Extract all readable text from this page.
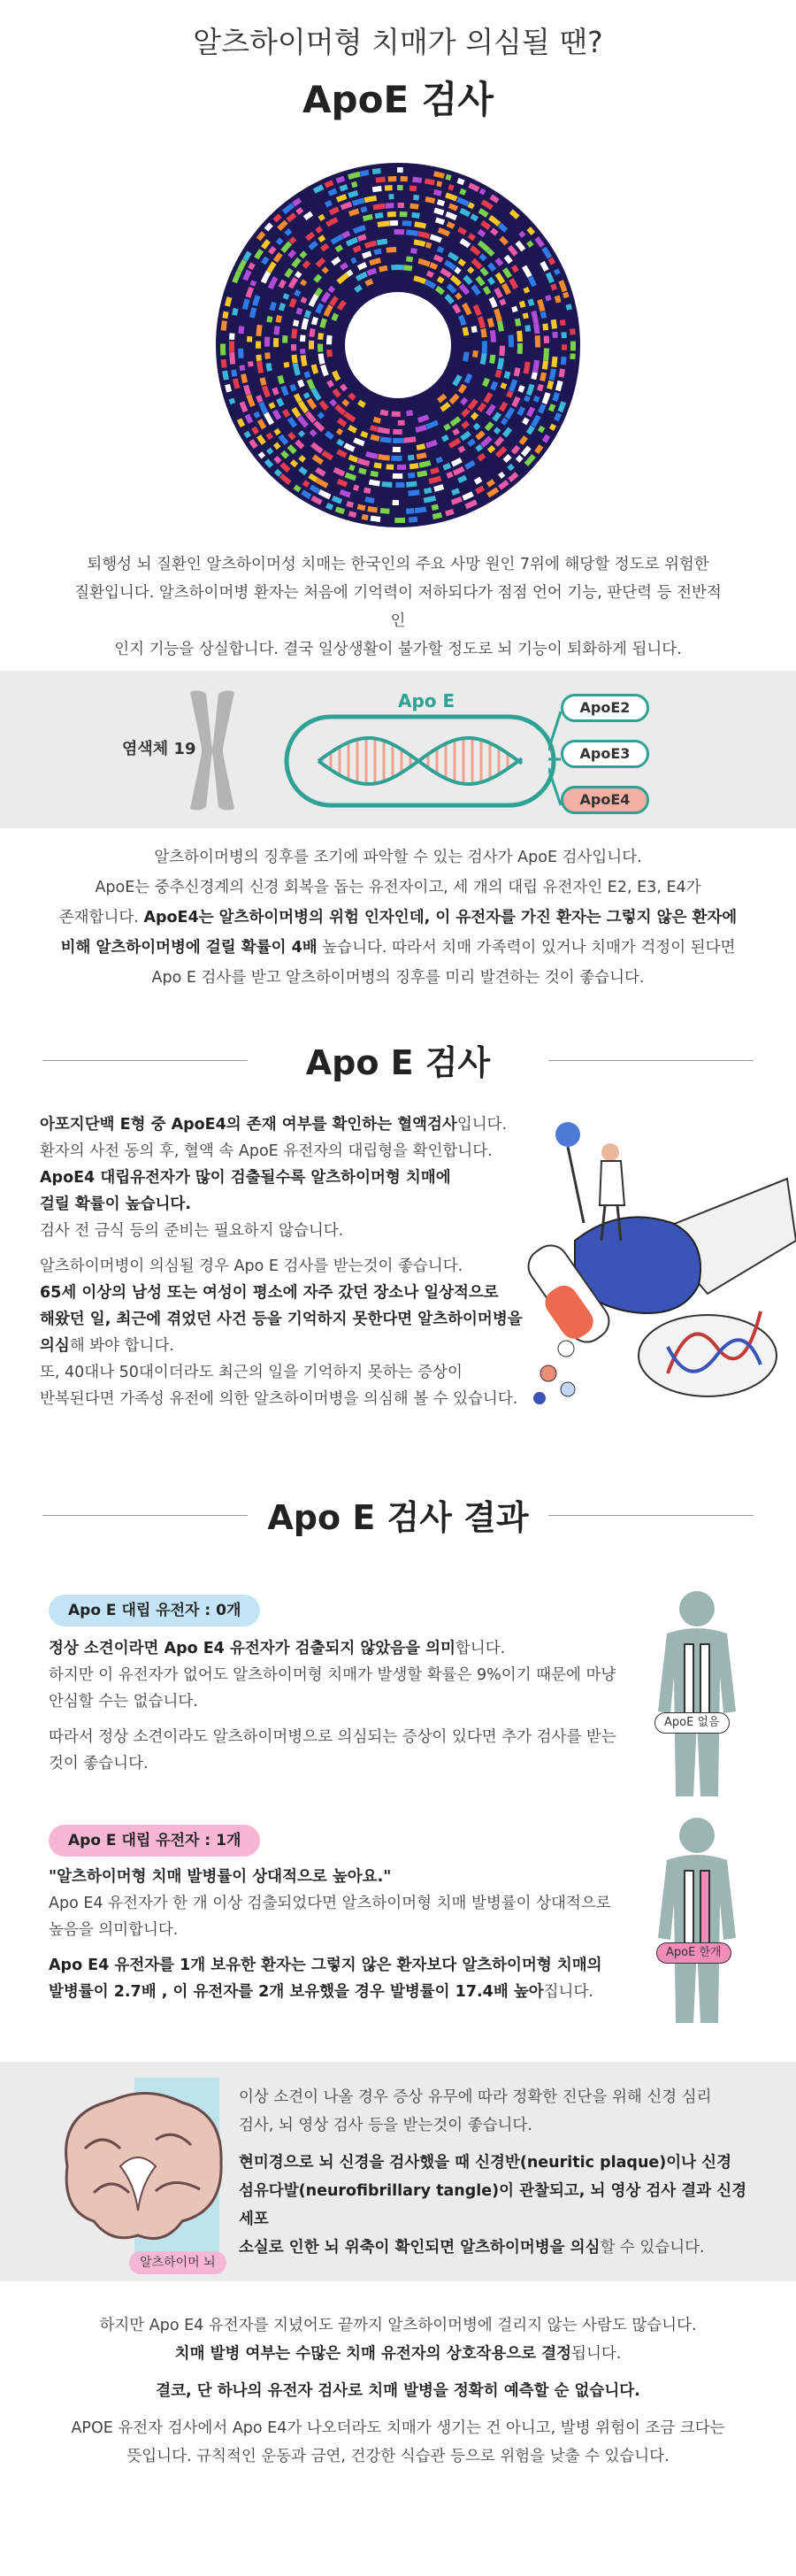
알츠하이머형 치매가 의심될 땐?
ApoE 검사
퇴행성 뇌 질환인 알츠하이머성 치매는 한국인의 주요 사망 원인 7위에 해당할 정도로 위험한
질환입니다. 알츠하이머병 환자는 처음에 기억력이 저하되다가 점점 언어 기능, 판단력 등 전반적인
인지 기능을 상실합니다. 결국 일상생활이 불가할 정도로 뇌 기능이 퇴화하게 됩니다.
염색체 19
Apo E	ApoE2
ApoE3
ApoE4
알츠하이머병의 징후를 조기에 파악할 수 있는 검사가 ApoE 검사입니다.
ApoE는 중추신경계의 신경 회복을 돕는 유전자이고, 세 개의 대립 유전자인 E2, E3, E4가
존재합니다. ApoE4는 알츠하이머병의 위험 인자인데, 이 유전자를 가진 환자는 그렇지 않은 환자에
비해 알츠하이머병에 걸릴 확률이 4배 높습니다. 따라서 치매 가족력이 있거나 치매가 걱정이 된다면
Apo E 검사를 받고 알츠하이머병의 징후를 미리 발견하는 것이 좋습니다.
Apo E 검사

아포지단백 E형 중 ApoE4의 존재 여부를 확인하는 혈액검사입니다.
환자의 사전 동의 후, 혈액 속 ApoE 유전자의 대립형을 확인합니다.
ApoE4 대립유전자가 많이 검출될수록 알츠하이머형 치매에
걸릴 확률이 높습니다.
검사 전 금식 등의 준비는 필요하지 않습니다.

알츠하이머병이 의심될 경우 Apo E 검사를 받는것이 좋습니다.
65세 이상의 남성 또는 여성이 평소에 자주 갔던 장소나 일상적으로
해왔던 일, 최근에 겪었던 사건 등을 기억하지 못한다면 알츠하이머병을
의심해 봐야 합니다.
또, 40대나 50대이더라도 최근의 일을 기억하지 못하는 증상이
반복된다면 가족성 유전에 의한 알츠하이머병을 의심해 볼 수 있습니다.

Apo E 검사 결과
Apo E 대립 유전자 : 0개

정상 소견이라면 Apo E4 유전자가 검출되지 않았음을 의미합니다.
하지만 이 유전자가 없어도 알츠하이머형 치매가 발생할 확률은 9%이기 때문에 마냥
안심할 수는 없습니다.

따라서 정상 소견이라도 알츠하이머병으로 의심되는 증상이 있다면 추가 검사를 받는
것이 좋습니다.

ApoE 없음
Apo E 대립 유전자 : 1개

"알츠하이머형 치매 발병률이 상대적으로 높아요."
Apo E4 유전자가 한 개 이상 검출되었다면 알츠하이머형 치매 발병률이 상대적으로
높음을 의미합니다.

Apo E4 유전자를 1개 보유한 환자는 그렇지 않은 환자보다 알츠하이머형 치매의
발병률이 2.7배 , 이 유전자를 2개 보유했을 경우 발병률이 17.4배 높아집니다.

ApoE 한개
알츠하이머 뇌

이상 소견이 나올 경우 증상 유무에 따라 정확한 진단을 위해 신경 심리
검사, 뇌 영상 검사 등을 받는것이 좋습니다.

현미경으로 뇌 신경을 검사했을 때 신경반(neuritic plaque)이나 신경
섬유다발(neurofibrillary tangle)이 관찰되고, 뇌 영상 검사 결과 신경세포
소실로 인한 뇌 위축이 확인되면 알츠하이머병을 의심할 수 있습니다.

하지만 Apo E4 유전자를 지녔어도 끝까지 알츠하이머병에 걸리지 않는 사람도 많습니다.
치매 발병 여부는 수많은 치매 유전자의 상호작용으로 결정됩니다.

결코, 단 하나의 유전자 검사로 치매 발병을 정확히 예측할 순 없습니다.

APOE 유전자 검사에서 Apo E4가 나오더라도 치매가 생기는 건 아니고, 발병 위험이 조금 크다는
뜻입니다. 규칙적인 운동과 금연, 건강한 식습관 등으로 위험을 낮출 수 있습니다.
